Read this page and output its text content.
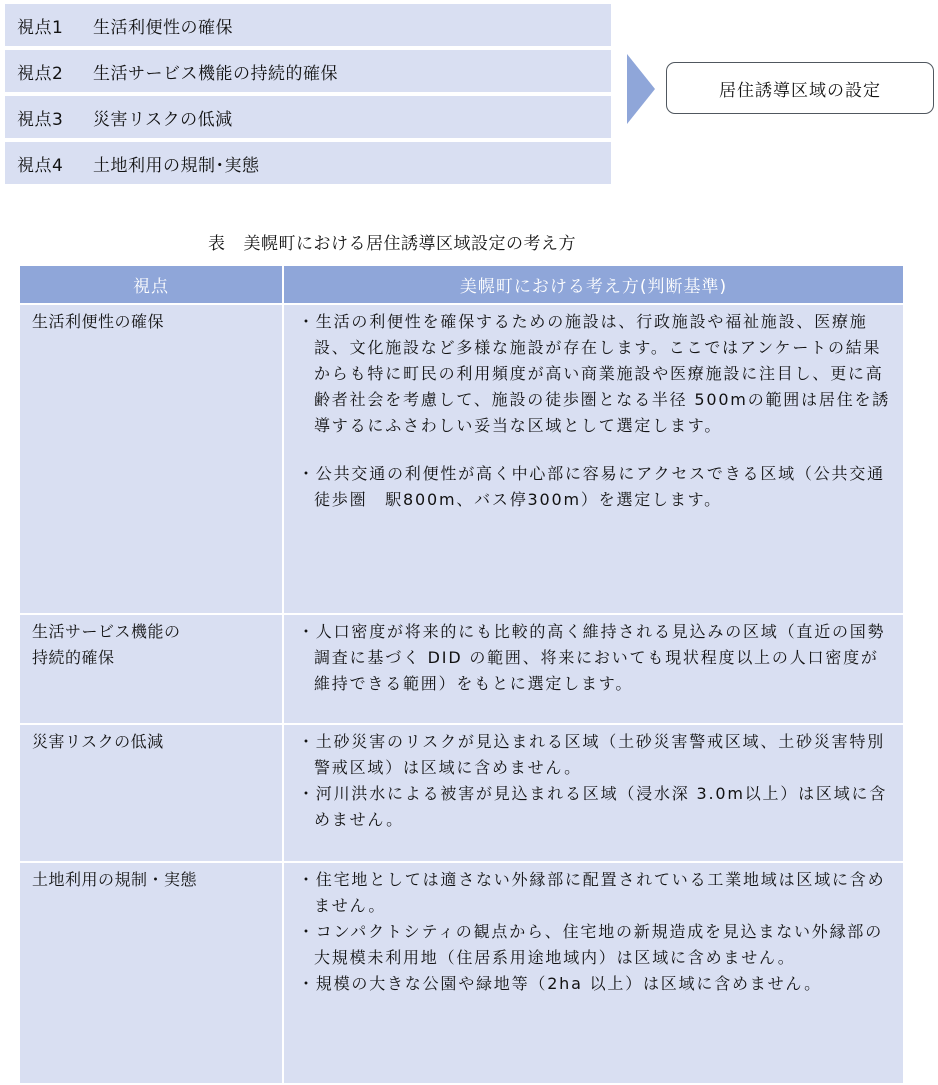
視点1	生活利便性の確保
視点2	生活サービス機能の持続的確保
視点3	災害リスクの低減
視点4	土地利用の規制･実態
居住誘導区域の設定
表 美幌町における居住誘導区域設定の考え方
視点	美幌町における考え方(判断基準)

生活利便性の確保	・生活の利便性を確保するための施設は、行政施設や福祉施設、医療施設、文化施設など多様な施設が存在します。ここではアンケートの結果からも特に町民の利用頻度が高い商業施設や医療施設に注目し、更に高齢者社会を考慮して、施設の徒歩圏となる半径 500mの範囲は居住を誘導するにふさわしい妥当な区域として選定します。
・公共交通の利便性が高く中心部に容易にアクセスできる区域（公共交通徒歩圏　駅800m、バス停300m）を選定します。

生活サービス機能の
持続的確保	・人口密度が将来的にも比較的高く維持される見込みの区域（直近の国勢調査に基づく DID の範囲、将来においても現状程度以上の人口密度が維持できる範囲）をもとに選定します。

災害リスクの低減	・土砂災害のリスクが見込まれる区域（土砂災害警戒区域、土砂災害特別警戒区域）は区域に含めません。
・河川洪水による被害が見込まれる区域（浸水深 3.0m以上）は区域に含めません。

土地利用の規制・実態	・住宅地としては適さない外縁部に配置されている工業地域は区域に含めません。
・コンパクトシティの観点から、住宅地の新規造成を見込まない外縁部の大規模未利用地（住居系用途地域内）は区域に含めません。
・規模の大きな公園や緑地等（2ha 以上）は区域に含めません。
